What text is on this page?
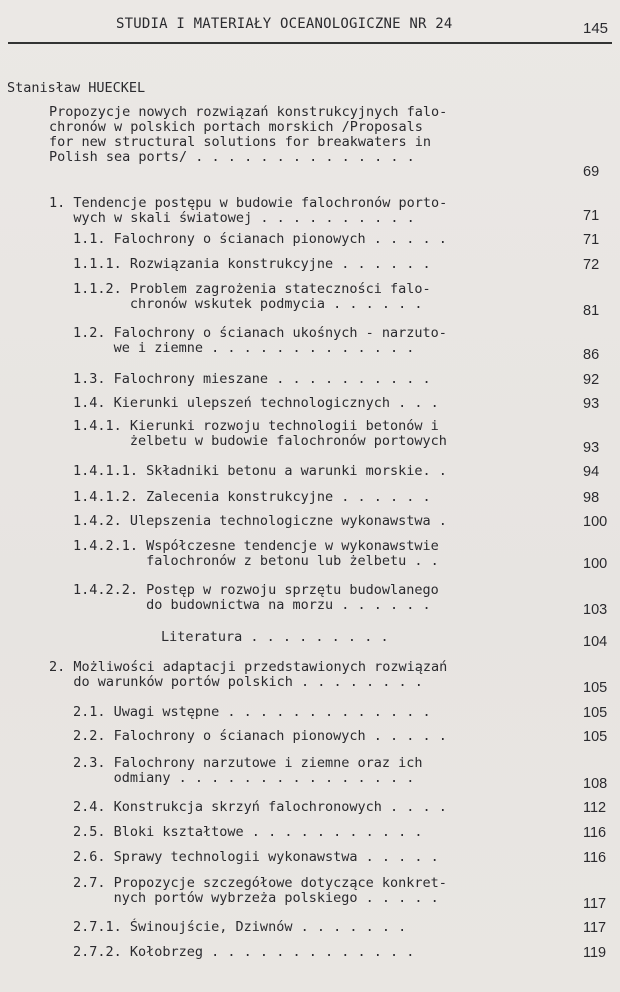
STUDIA I MATERIAŁY OCEANOLOGICZNE NR 24	145
Stanisław HUECKEL
Propozycje nowych rozwiązań konstrukcyjnych falo-
chronów w polskich portach morskich /Proposals
for new structural solutions for breakwaters in
Polish sea ports/ . . . . . . . . . . . . . .
69
1. Tendencje postępu w budowie falochronów porto-
wych w skali światowej . . . . . . . . . .	71
1.1. Falochrony o ścianach pionowych . . . . .	71
1.1.1. Rozwiązania konstrukcyjne . . . . . .	72
1.1.2. Problem zagrożenia stateczności falo-
chronów wskutek podmycia . . . . . .	81
1.2. Falochrony o ścianach ukośnych - narzuto-
we i ziemne . . . . . . . . . . . . .	86
1.3. Falochrony mieszane . . . . . . . . . .	92
1.4. Kierunki ulepszeń technologicznych . . .	93
1.4.1. Kierunki rozwoju technologii betonów i
żelbetu w budowie falochronów portowych	93
1.4.1.1. Składniki betonu a warunki morskie. .	94
1.4.1.2. Zalecenia konstrukcyjne . . . . . .	98
1.4.2. Ulepszenia technologiczne wykonawstwa .	100
1.4.2.1. Współczesne tendencje w wykonawstwie
falochronów z betonu lub żelbetu . .	100
1.4.2.2. Postęp w rozwoju sprzętu budowlanego
do budownictwa na morzu . . . . . .	103
Literatura . . . . . . . . .	104
2. Możliwości adaptacji przedstawionych rozwiązań
do warunków portów polskich . . . . . . . .	105
2.1. Uwagi wstępne . . . . . . . . . . . . .	105
2.2. Falochrony o ścianach pionowych . . . . .	105
2.3. Falochrony narzutowe i ziemne oraz ich
odmiany . . . . . . . . . . . . . . .	108
2.4. Konstrukcja skrzyń falochronowych . . . .	112
2.5. Bloki kształtowe . . . . . . . . . . .	116
2.6. Sprawy technologii wykonawstwa . . . . .	116
2.7. Propozycje szczegółowe dotyczące konkret-
nych portów wybrzeża polskiego . . . . .	117
2.7.1. Świnoujście, Dziwnów . . . . . . .	117
2.7.2. Kołobrzeg . . . . . . . . . . . . .	119
